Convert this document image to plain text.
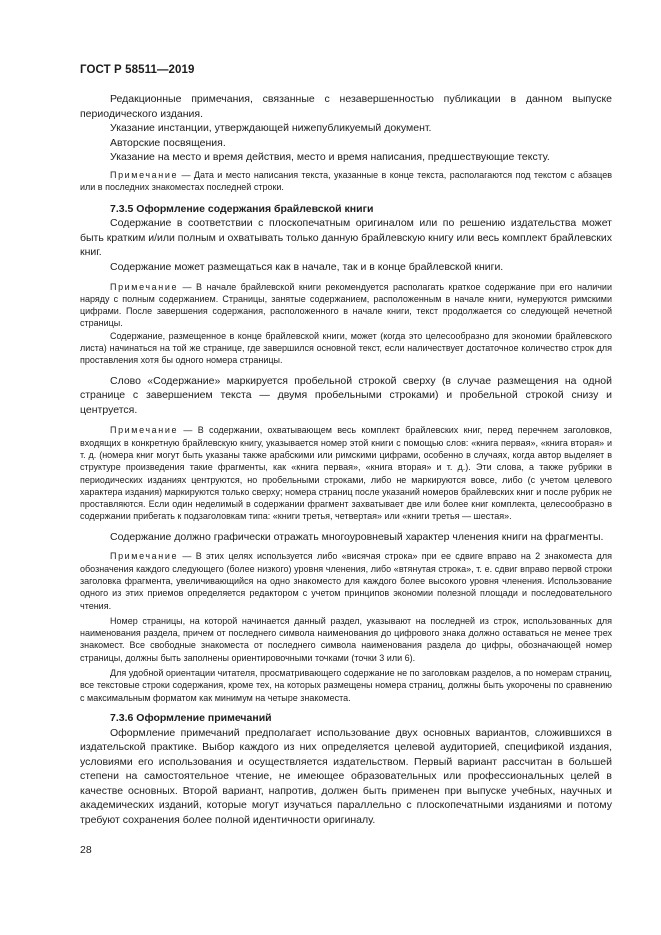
ГОСТ Р 58511—2019

Редакционные примечания, связанные с незавершенностью публикации в данном выпуске периодического издания.

Указание инстанции, утверждающей нижепубликуемый документ.

Авторские посвящения.

Указание на место и время действия, место и время написания, предшествующие тексту.

Примечание — Дата и место написания текста, указанные в конце текста, располагаются под текстом с абзацев или в последних знакоместах последней строки.

7.3.5 Оформление содержания брайлевской книги

Содержание в соответствии с плоскопечатным оригиналом или по решению издательства может быть кратким и/или полным и охватывать только данную брайлевскую книгу или весь комплект брайлевских книг.

Содержание может размещаться как в начале, так и в конце брайлевской книги.

Примечание — В начале брайлевской книги рекомендуется располагать краткое содержание при его наличии наряду с полным содержанием. Страницы, занятые содержанием, расположенным в начале книги, нумеруются римскими цифрами. После завершения содержания, расположенного в начале книги, текст продолжается со следующей нечетной страницы.

Содержание, размещенное в конце брайлевской книги, может (когда это целесообразно для экономии брайлевского листа) начинаться на той же странице, где завершился основной текст, если наличествует достаточное количество строк для проставления хотя бы одного номера страницы.

Слово «Содержание» маркируется пробельной строкой сверху (в случае размещения на одной странице с завершением текста — двумя пробельными строками) и пробельной строкой снизу и центруется.

Примечание — В содержании, охватывающем весь комплект брайлевских книг, перед перечнем заголовков, входящих в конкретную брайлевскую книгу, указывается номер этой книги с помощью слов: «книга первая», «книга вторая» и т. д. (номера книг могут быть указаны также арабскими или римскими цифрами, особенно в случаях, когда автор выделяет в структуре произведения такие фрагменты, как «книга первая», «книга вторая» и т. д.). Эти слова, а также рубрики в периодических изданиях центруются, но пробельными строками, либо не маркируются вовсе, либо (с учетом целевого характера издания) маркируются только сверху; номера страниц после указаний номеров брайлевских книг и после рубрик не проставляются. Если один неделимый в содержании фрагмент захватывает две или более книг комплекта, целесообразно в содержании прибегать к подзаголовкам типа: «книги третья, четвертая» или «книги третья — шестая».

Содержание должно графически отражать многоуровневый характер членения книги на фрагменты.

Примечание — В этих целях используется либо «висячая строка» при ее сдвиге вправо на 2 знакоместа для обозначения каждого следующего (более низкого) уровня членения, либо «втянутая строка», т. е. сдвиг вправо первой строки заголовка фрагмента, увеличивающийся на одно знакоместо для каждого более высокого уровня членения. Использование одного из этих приемов определяется редактором с учетом принципов экономии полезной площади и последовательного чтения.

Номер страницы, на которой начинается данный раздел, указывают на последней из строк, использованных для наименования раздела, причем от последнего символа наименования до цифрового знака должно оставаться не менее трех знакомест. Все свободные знакоместа от последнего символа наименования раздела до цифры, обозначающей номер страницы, должны быть заполнены ориентировочными точками (точки 3 или 6).

Для удобной ориентации читателя, просматривающего содержание не по заголовкам разделов, а по номерам страниц, все текстовые строки содержания, кроме тех, на которых размещены номера страниц, должны быть укорочены по сравнению с максимальным форматом как минимум на четыре знакоместа.

7.3.6 Оформление примечаний

Оформление примечаний предполагает использование двух основных вариантов, сложившихся в издательской практике. Выбор каждого из них определяется целевой аудиторией, спецификой издания, условиями его использования и осуществляется издательством. Первый вариант рассчитан в большей степени на самостоятельное чтение, не имеющее образовательных или профессиональных целей в качестве основных. Второй вариант, напротив, должен быть применен при выпуске учебных, научных и академических изданий, которые могут изучаться параллельно с плоскопечатными изданиями и потому требуют сохранения более полной идентичности оригиналу.

28
